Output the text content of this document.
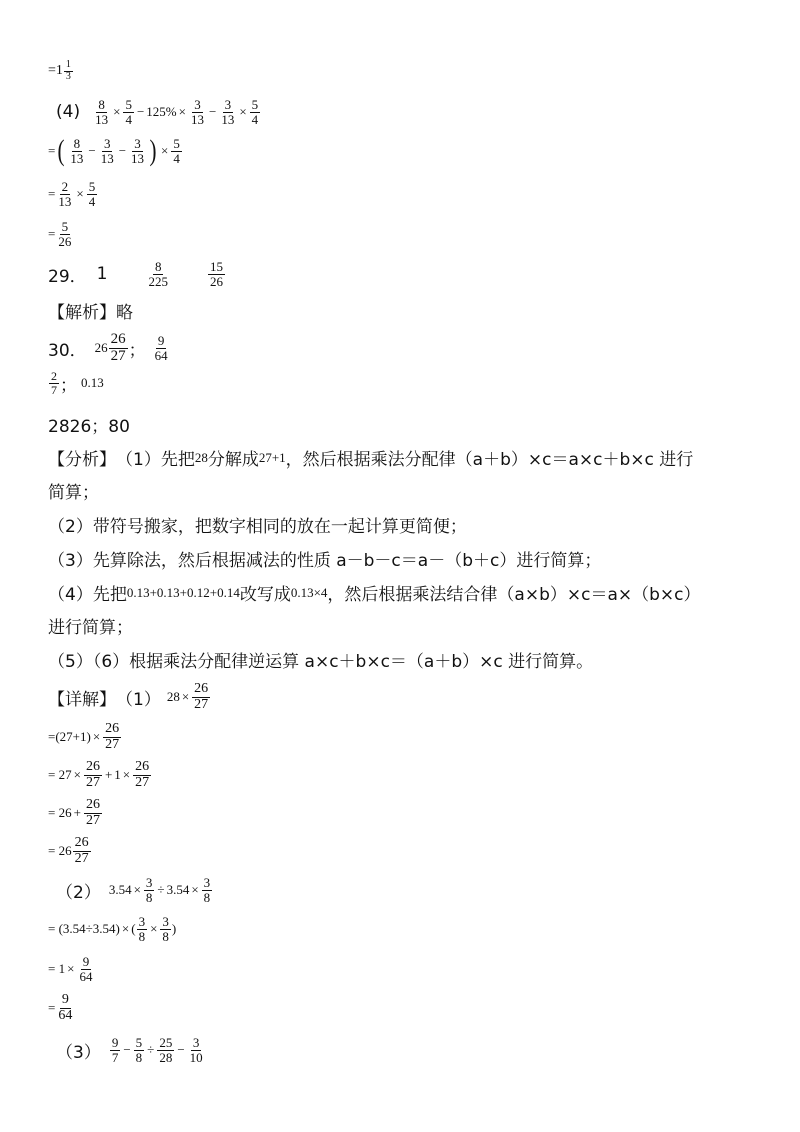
$=1 \frac{1}{3}$
$(4) \frac{8}{13} \times \frac{5}{4} - 125\% \times \frac{3}{13} - \frac{3}{13} \times \frac{5}{4}$
= ( $\frac{8}{13} - \frac{3}{13} - \frac{3}{13}$ ) × $\frac{5}{4}$
= $\frac{2}{13} \times \frac{5}{4}$
= $\frac{5}{26}$
29． 1	$\frac{8}{225}$	$\frac{15}{26}$
【解析】 略
30． $26 \frac{26}{27}$ ； $\frac{9}{64}$
$\frac{2}{7}$ ； 0.13
2826；80
【分析】 （1）先把 28 分解成 27+1 ，然后根据乘法分配律（a＋b）×c＝a×c＋b×c 进行
简算；
（2）带符号搬家，把数字相同的放在一起计算更简便；
（3）先算除法，然后根据减法的性质 a－b－c＝a－（b＋c）进行简算；
（4）先把 0.13+0.13+0.12+0.14 改写成 0.13×4 ，然后根据乘法结合律（a×b）×c＝a×（b×c）
进行简算；
（5）（6）根据乘法分配律逆运算 a×c＋b×c＝（a＋b）×c 进行简算。
【详解】 （1） $28 \times \frac{26}{27}$
$=(27+1) \times \frac{26}{27}$
= $27 \times \frac{26}{27} + 1 \times \frac{26}{27}$
= $26 + \frac{26}{27}$
= $26 \frac{26}{27}$
（2） $3.54 \times \frac{3}{8} \div 3.54 \times \frac{3}{8}$
= (3.54÷3.54) × ( $\frac{3}{8} \times \frac{3}{8}$ )
= $1 \times \frac{9}{64}$
= $\frac{9}{64}$
$(3) \frac{9}{7} - \frac{5}{8} \div \frac{25}{28} - \frac{3}{10}$
